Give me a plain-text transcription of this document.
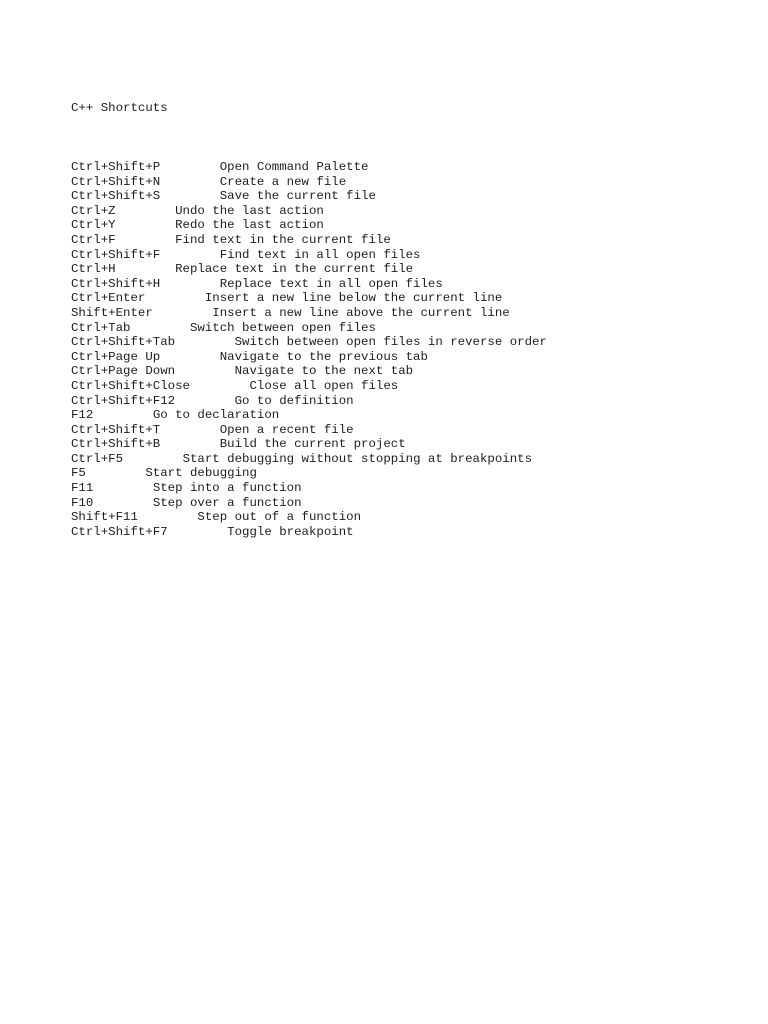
C++ Shortcuts
Ctrl+Shift+P		Open Command Palette
Ctrl+Shift+N		Create a new file
Ctrl+Shift+S		Save the current file
Ctrl+Z		Undo the last action
Ctrl+Y		Redo the last action
Ctrl+F		Find text in the current file
Ctrl+Shift+F		Find text in all open files
Ctrl+H		Replace text in the current file
Ctrl+Shift+H		Replace text in all open files
Ctrl+Enter		Insert a new line below the current line
Shift+Enter		Insert a new line above the current line
Ctrl+Tab		Switch between open files
Ctrl+Shift+Tab		Switch between open files in reverse order
Ctrl+Page Up		Navigate to the previous tab
Ctrl+Page Down		Navigate to the next tab
Ctrl+Shift+Close		Close all open files
Ctrl+Shift+F12		Go to definition
F12		Go to declaration
Ctrl+Shift+T		Open a recent file
Ctrl+Shift+B		Build the current project
Ctrl+F5		Start debugging without stopping at breakpoints
F5		Start debugging
F11		Step into a function
F10		Step over a function
Shift+F11		Step out of a function
Ctrl+Shift+F7		Toggle breakpoint
